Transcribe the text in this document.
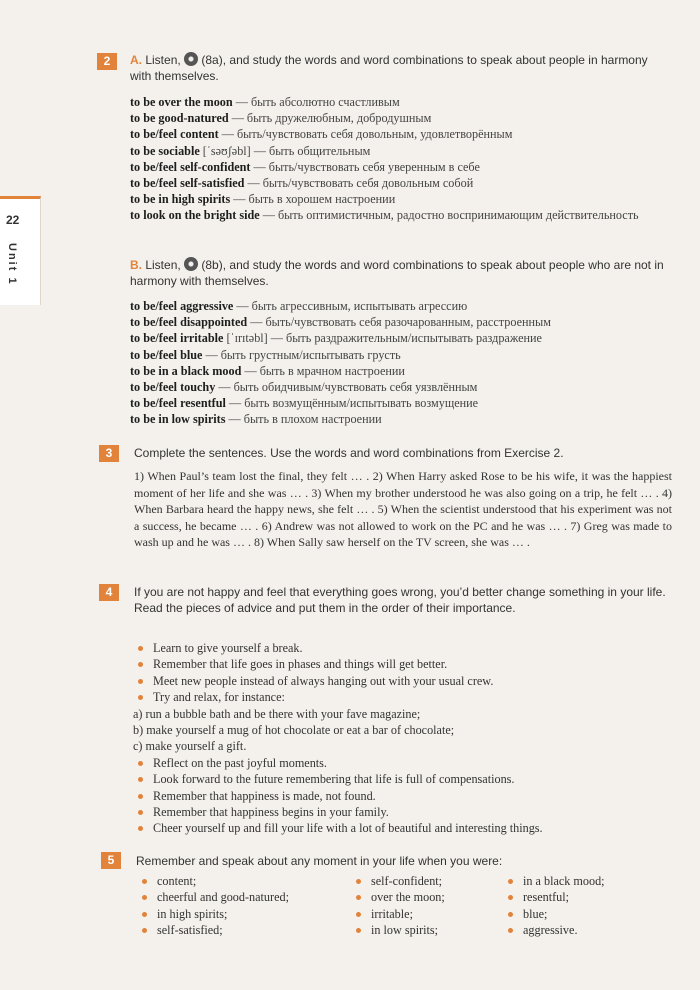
22
Unit 1
2	A. Listen, (8a), and study the words and word combinations to speak about people in harmony with themselves.
to be over the moon — быть абсолютно счастливым
to be good-natured — быть дружелюбным, добродушным
to be/feel content — быть/чувствовать себя довольным, удовлетворённым
to be sociable [ˈsəʊʃəbl] — быть общительным
to be/feel self-confident — быть/чувствовать себя уверенным в себе
to be/feel self-satisfied — быть/чувствовать себя довольным собой
to be in high spirits — быть в хорошем настроении
to look on the bright side — быть оптимистичным, радостно воспринимающим действительность
B. Listen, (8b), and study the words and word combinations to speak about people who are not in harmony with themselves.
to be/feel aggressive — быть агрессивным, испытывать агрессию
to be/feel disappointed — быть/чувствовать себя разочарованным, расстроенным
to be/feel irritable [ˈɪrɪtəbl] — быть раздражительным/испытывать раздражение
to be/feel blue — быть грустным/испытывать грусть
to be in a black mood — быть в мрачном настроении
to be/feel touchy — быть обидчивым/чувствовать себя уязвлённым
to be/feel resentful — быть возмущённым/испытывать возмущение
to be in low spirits — быть в плохом настроении
3	Complete the sentences. Use the words and word combinations from Exercise 2.
1) When Paul’s team lost the final, they felt … . 2) When Harry asked Rose to be his wife, it was the happiest moment of her life and she was … . 3) When my brother understood he was also going on a trip, he felt … . 4) When Barbara heard the happy news, she felt … . 5) When the scientist understood that his experiment was not a success, he became … . 6) Andrew was not allowed to work on the PC and he was … . 7) Greg was made to wash up and he was … . 8) When Sally saw herself on the TV screen, she was … .
4	If you are not happy and feel that everything goes wrong, you’d better change something in your life. Read the pieces of advice and put them in the order of their importance.
Learn to give yourself a break.
Remember that life goes in phases and things will get better.
Meet new people instead of always hanging out with your usual crew.
Try and relax, for instance:
a) run a bubble bath and be there with your fave magazine;
b) make yourself a mug of hot chocolate or eat a bar of chocolate;
c) make yourself a gift.
Reflect on the past joyful moments.
Look forward to the future remembering that life is full of compensations.
Remember that happiness is made, not found.
Remember that happiness begins in your family.
Cheer yourself up and fill your life with a lot of beautiful and interesting things.
5	Remember and speak about any moment in your life when you were:
content;
cheerful and good-natured;
in high spirits;
self-satisfied;
self-confident;
over the moon;
irritable;
in low spirits;
in a black mood;
resentful;
blue;
aggressive.
